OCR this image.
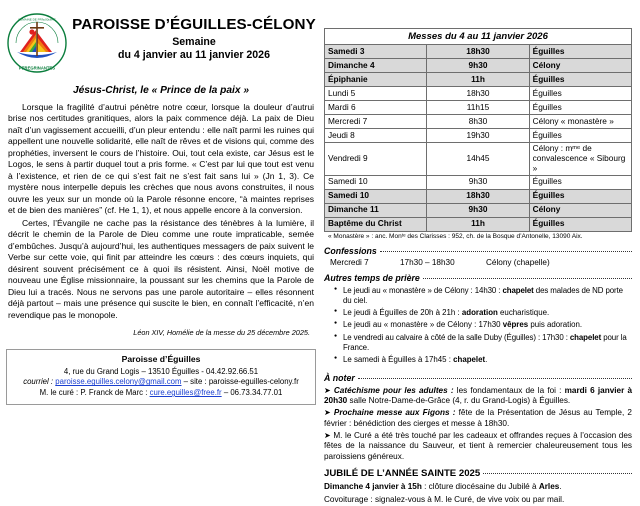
SEMAINE DE PRI\u00c8RE
PEREGRINANTES
PAROISSE D’ÉGUILLES-CÉLONY
Semaine
du 4 janvier au 11 janvier 2026
Jésus-Christ, le « Prince de la paix »

Lorsque la fragilité d’autrui pénètre notre cœur, lorsque la douleur d’autrui brise nos certitudes granitiques, alors la paix commence déjà. La paix de Dieu naît d’un vagissement accueilli, d’un pleur entendu : elle naît parmi les ruines qui appellent une nouvelle solidarité, elle naît de rêves et de visions qui, comme des prophéties, inversent le cours de l’histoire. Oui, tout cela existe, car Jésus est le Logos, le sens à partir duquel tout a pris forme. « C’est par lui que tout est venu à l’existence, et rien de ce qui s’est fait ne s’est fait sans lui » (Jn 1, 3). Ce mystère nous interpelle depuis les crèches que nous avons construites, il nous ouvre les yeux sur un monde où la Parole résonne encore, “à maintes reprises et de bien des manières” (cf. He 1, 1), et nous appelle encore à la conversion.

Certes, l’Évangile ne cache pas la résistance des ténèbres à la lumière, il décrit le chemin de la Parole de Dieu comme une route impraticable, semée d’embûches. Jusqu’à aujourd’hui, les authentiques messagers de paix suivent le Verbe sur cette voie, qui finit par atteindre les cœurs : des cœurs inquiets, qui désirent souvent précisément ce à quoi ils résistent. Ainsi, Noël motive de nouveau une Église missionnaire, la poussant sur les chemins que la Parole de Dieu lui a tracés. Nous ne servons pas une parole autoritaire – elles résonnent déjà partout – mais une présence qui suscite le bien, en connaît l’efficacité, n’en revendique pas le monopole.

Léon XIV, Homélie de la messe du 25 décembre 2025.
Paroisse d’Éguilles
4, rue du Grand Logis – 13510 Éguilles - 04.42.92.66.51
courriel : paroisse.eguilles.celony@gmail.com – site : paroisse-eguilles-celony.fr
M. le curé : P. Franck de Marc : cure.eguilles@free.fr – 06.73.34.77.01
Messes du 4 au 11 janvier 2026		
Samedi 3	18h30	Éguilles
Dimanche 4	9h30	Célony
Épiphanie	11h	Éguilles
Lundi 5	18h30	Éguilles
Mardi 6	11h15	Éguilles
Mercredi 7	8h30	Célony « monastère »
Jeudi 8	19h30	Éguilles
Vendredi 9	14h45	Célony : mᵐᵉ de convalescence « Sibourg »
Samedi 10	9h30	Éguilles
Samedi 10	18h30	Éguilles
Dimanche 11	9h30	Célony
Baptême du Christ	11h	Éguilles
« Monastère » : anc. Monᵗᵉ des Clarisses : 952, ch. de la Bosque d’Antonelle, 13090 Aix.
Confessions
Mercredi 7	17h30 – 18h30	Célony (chapelle)
Autres temps de prière
● Le jeudi au « monastère » de Célony : 14h30 : chapelet des malades de ND porte du ciel.
● Le jeudi à Éguilles de 20h à 21h : adoration eucharistique.
● Le jeudi au « monastère » de Célony : 17h30 vêpres puis adoration.
● Le vendredi au calvaire à côté de la salle Duby (Éguilles) : 17h30 : chapelet pour la France.
● Le samedi à Éguilles à 17h45 : chapelet.
À noter
➤ Catéchisme pour les adultes : les fondamentaux de la foi : mardi 6 janvier à 20h30 salle Notre-Dame-de-Grâce (4, r. du Grand-Logis) à Éguilles.
➤ Prochaine messe aux Figons : fête de la Présentation de Jésus au Temple, 2 février : bénédiction des cierges et messe à 18h30.
➤ M. le Curé a été très touché par les cadeaux et offrandes reçues à l’occasion des fêtes de la naissance du Sauveur, et tient à remercier chaleureusement tous les paroissiens généreux.
JUBILÉ DE L’ANNÉE SAINTE 2025
Dimanche 4 janvier à 15h : clôture diocésaine du Jubilé à Arles.
Covoiturage : signalez-vous à M. le Curé, de vive voix ou par mail.
